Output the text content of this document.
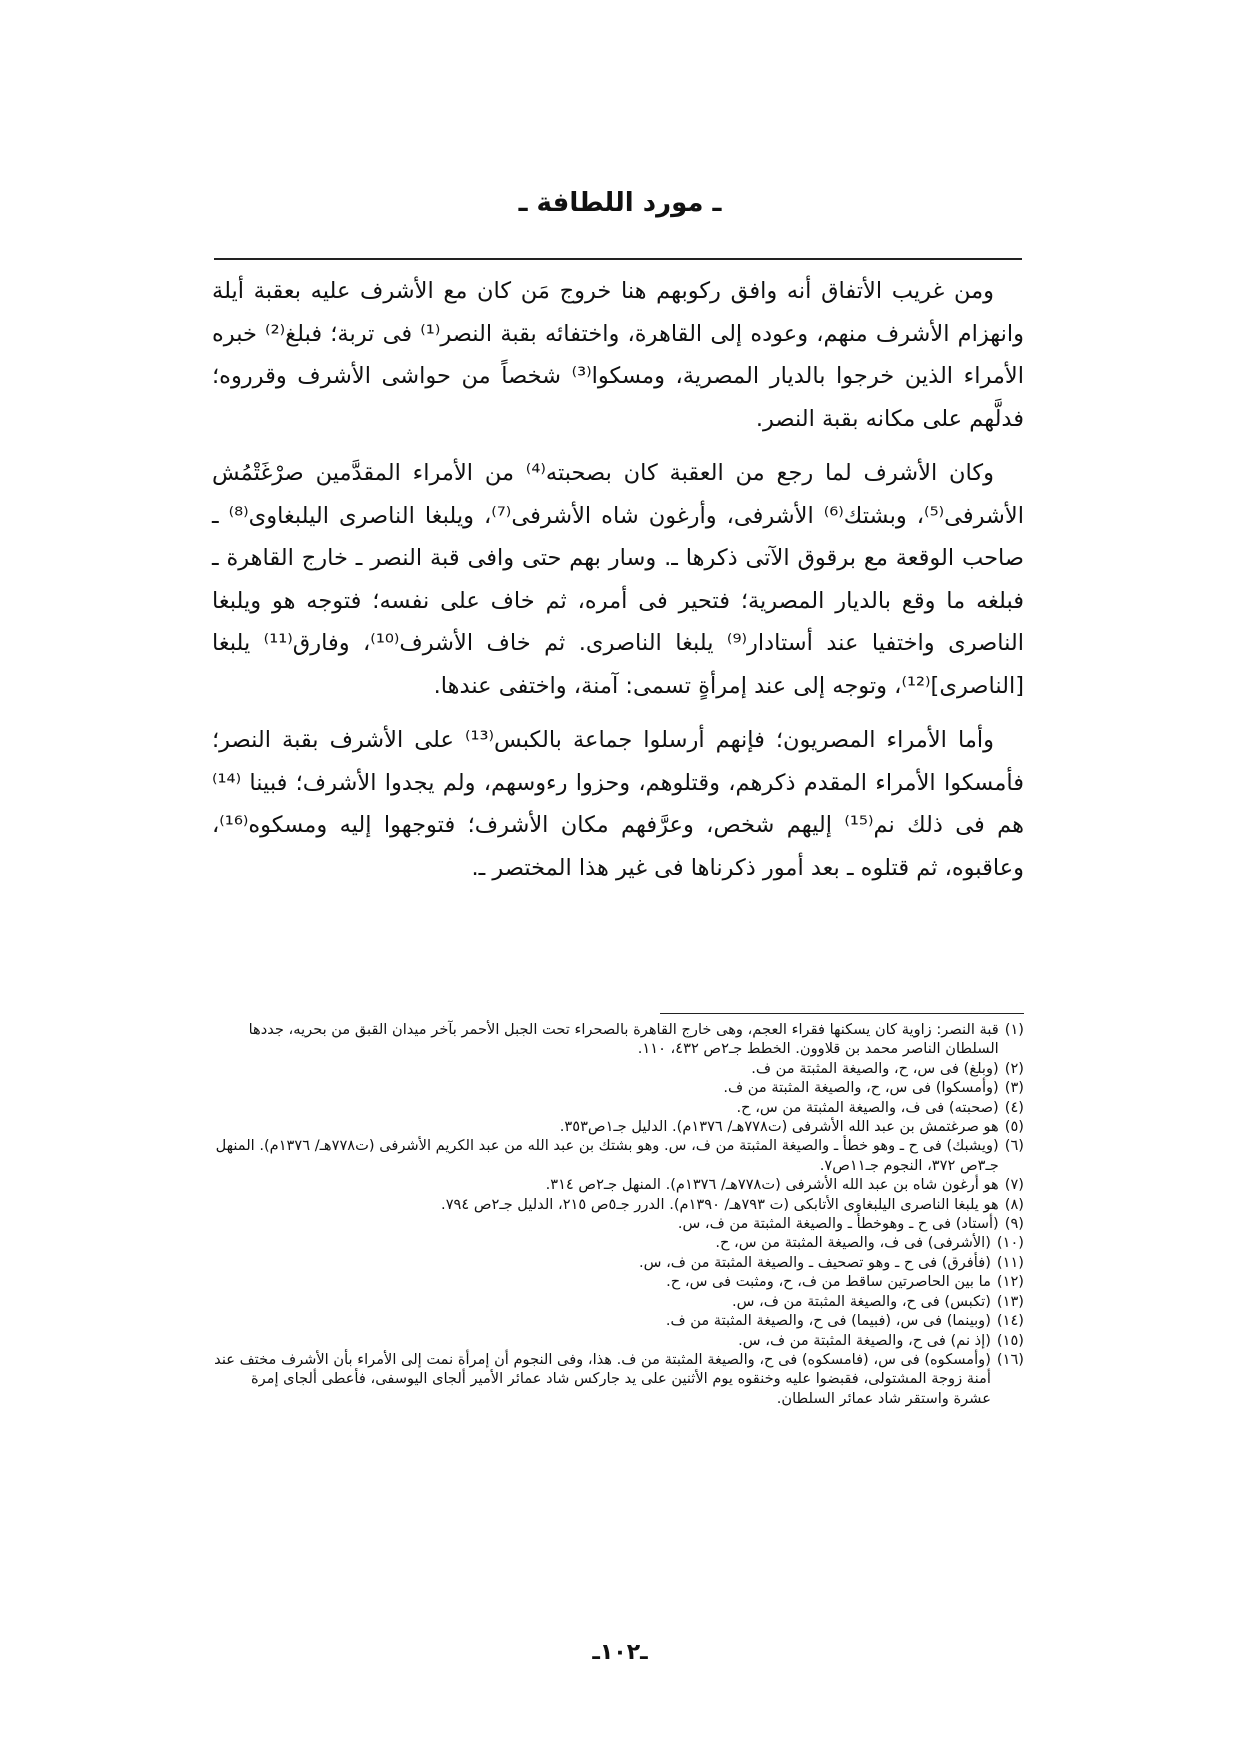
ـ مورد اللطافة ـ

ومن غريب الأتفاق أنه وافق ركوبهم هنا خروج مَن كان مع الأشرف عليه بعقبة أيلة وانهزام الأشرف منهم، وعوده إلى القاهرة، واختفائه بقبة النصر⁽¹⁾ فى تربة؛ فبلغ⁽²⁾ خبره الأمراء الذين خرجوا بالديار المصرية، ومسكوا⁽³⁾ شخصاً من حواشى الأشرف وقرروه؛ فدلَّهم على مكانه بقبة النصر.

وكان الأشرف لما رجع من العقبة كان بصحبته⁽⁴⁾ من الأمراء المقدَّمين صرْغَتْمُش الأشرفى⁽⁵⁾، وبشتك⁽⁶⁾ الأشرفى، وأرغون شاه الأشرفى⁽⁷⁾، ويلبغا الناصرى اليلبغاوى⁽⁸⁾ ـ صاحب الوقعة مع برقوق الآتى ذكرها ـ. وسار بهم حتى وافى قبة النصر ـ خارج القاهرة ـ فبلغه ما وقع بالديار المصرية؛ فتحير فى أمره، ثم خاف على نفسه؛ فتوجه هو ويلبغا الناصرى واختفيا عند أستادار⁽⁹⁾ يلبغا الناصرى. ثم خاف الأشرف⁽¹⁰⁾، وفارق⁽¹¹⁾ يلبغا [الناصرى]⁽¹²⁾، وتوجه إلى عند إمرأةٍ تسمى: آمنة، واختفى عندها.

وأما الأمراء المصريون؛ فإنهم أرسلوا جماعة بالكبس⁽¹³⁾ على الأشرف بقبة النصر؛ فأمسكوا الأمراء المقدم ذكرهم، وقتلوهم، وحزوا رءوسهم، ولم يجدوا الأشرف؛ فبينا ⁽¹⁴⁾ هم فى ذلك نم⁽¹⁵⁾ إليهم شخص، وعرَّفهم مكان الأشرف؛ فتوجهوا إليه ومسكوه⁽¹⁶⁾، وعاقبوه، ثم قتلوه ـ بعد أمور ذكرناها فى غير هذا المختصر ـ.

(١)
قبة النصر: زاوية كان يسكنها فقراء العجم، وهى خارج القاهرة بالصحراء تحت الجبل الأحمر بآخر ميدان القبق من بحريه، جددها السلطان الناصر محمد بن قلاوون. الخطط جـ٢ص ٤٣٢، ١١٠.
(٢)
(وبلغ) فى س، ح، والصيغة المثبتة من ف.
(٣)
(وأمسكوا) فى س، ح، والصيغة المثبتة من ف.
(٤)
(صحبته) فى ف، والصيغة المثبتة من س، ح.
(٥)
هو صرغتمش بن عبد الله الأشرفى (ت٧٧٨هـ/ ١٣٧٦م). الدليل جـ١ص٣٥٣.
(٦)
(ويشبك) فى ح ـ وهو خطأ ـ والصيغة المثبتة من ف، س. وهو بشتك بن عبد الله من عبد الكريم الأشرفى (ت٧٧٨هـ/ ١٣٧٦م). المنهل جـ٣ص ٣٧٢، النجوم جـ١١ص٧.
(٧)
هو أرغون شاه بن عبد الله الأشرفى (ت٧٧٨هـ/ ١٣٧٦م). المنهل جـ٢ص ٣١٤.
(٨)
هو يلبغا الناصرى اليلبغاوى الأتابكى (ت ٧٩٣هـ/ ١٣٩٠م). الدرر جـ٥ص ٢١٥، الدليل جـ٢ص ٧٩٤.
(٩)
(أستاد) فى ح ـ وهوخطأ ـ والصيغة المثبتة من ف، س.
(١٠)
(الأشرفى) فى ف، والصيغة المثبتة من س، ح.
(١١)
(فأفرق) فى ح ـ وهو تصحيف ـ والصيغة المثبتة من ف، س.
(١٢)
ما بين الحاصرتين ساقط من ف، ح، ومثبت فى س، ح.
(١٣)
(تكبس) فى ح، والصيغة المثبتة من ف، س.
(١٤)
(وبينما) فى س، (فبيما) فى ح، والصيغة المثبتة من ف.
(١٥)
(إذ نم) فى ح، والصيغة المثبتة من ف، س.
(١٦)
(وأمسكوه) فى س، (فامسكوه) فى ح، والصيغة المثبتة من ف. هذا، وفى النجوم أن إمرأة نمت إلى الأمراء بأن الأشرف مختف عند أمنة زوجة المشتولى، فقبضوا عليه وخنقوه يوم الأثنين على يد جاركس شاد عمائر الأمير ألجاى اليوسفى، فأعطى ألجاى إمرة عشرة واستقر شاد عمائر السلطان.
ـ١٠٢ـ
